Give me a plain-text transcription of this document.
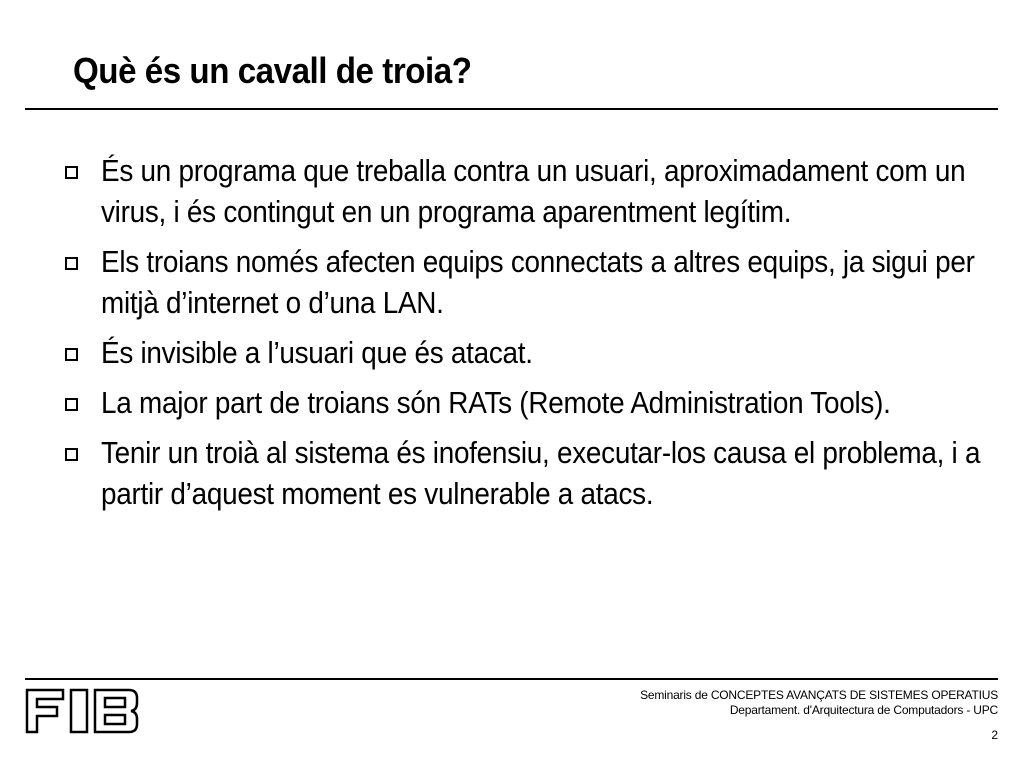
Què és un cavall de troia?
És un programa que treballa contra un usuari, aproximadament com un virus, i és contingut en un programa aparentment legítim.
Els troians només afecten equips connectats a altres equips, ja sigui per mitjà d’internet o d’una LAN.
És invisible a l’usuari que és atacat.
La major part de troians són RATs (Remote Administration Tools).
Tenir un troià al sistema és inofensiu, executar-los causa el problema, i a partir d’aquest moment es vulnerable a atacs.
Seminaris de CONCEPTES AVANÇATS DE SISTEMES OPERATIUS
Departament. d'Arquitectura de Computadors - UPC
2
